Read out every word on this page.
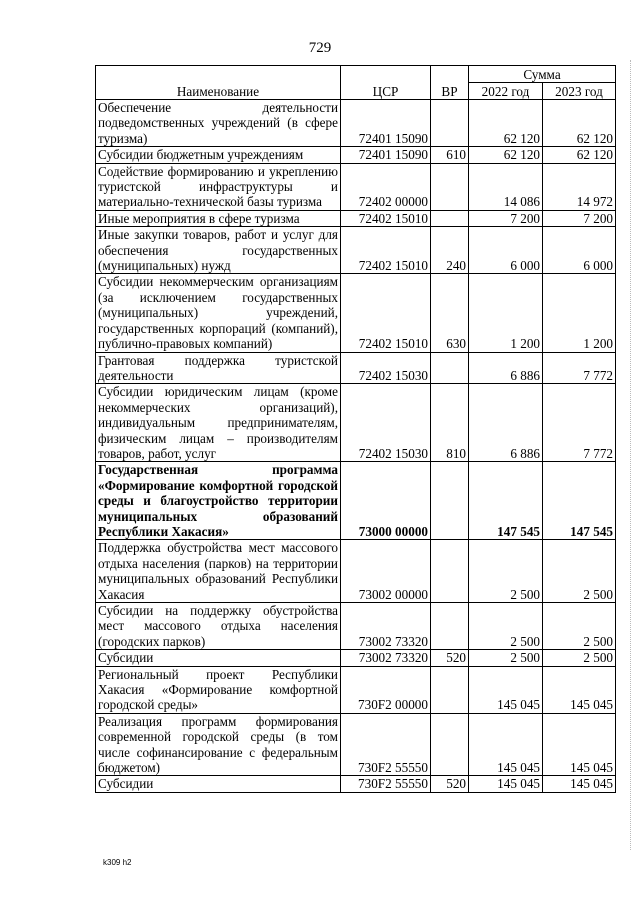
729
Наименование	ЦСР	ВР	Сумма	
			2022 год	2023 год
Обеспечение деятельности подведомственных учреждений (в сфере туризма)	72401 15090		62 120	62 120
Субсидии бюджетным учреждениям	72401 15090	610	62 120	62 120
Содействие формированию и укреплению туристской инфраструктуры и материально-технической базы туризма	72402 00000		14 086	14 972
Иные мероприятия в сфере туризма	72402 15010		7 200	7 200
Иные закупки товаров, работ и услуг для обеспечения государственных (муниципальных) нужд	72402 15010	240	6 000	6 000
Субсидии некоммерческим организациям (за исключением государственных (муниципальных) учреждений, государственных корпораций (компаний), публично-правовых компаний)	72402 15010	630	1 200	1 200
Грантовая поддержка туристской деятельности	72402 15030		6 886	7 772
Субсидии юридическим лицам (кроме некоммерческих организаций), индивидуальным предпринимателям, физическим лицам – производителям товаров, работ, услуг	72402 15030	810	6 886	7 772
Государственная программа «Формирование комфортной городской среды и благоустройство территории муниципальных образований Республики Хакасия»	73000 00000		147 545	147 545
Поддержка обустройства мест массового отдыха населения (парков) на территории муниципальных образований Республики Хакасия	73002 00000		2 500	2 500
Субсидии на поддержку обустройства мест массового отдыха населения (городских парков)	73002 73320		2 500	2 500
Субсидии	73002 73320	520	2 500	2 500
Региональный проект Республики Хакасия «Формирование комфортной городской среды»	730F2 00000		145 045	145 045
Реализация программ формирования современной городской среды (в том числе софинансирование с федеральным бюджетом)	730F2 55550		145 045	145 045
Субсидии	730F2 55550	520	145 045	145 045
k309 h2
